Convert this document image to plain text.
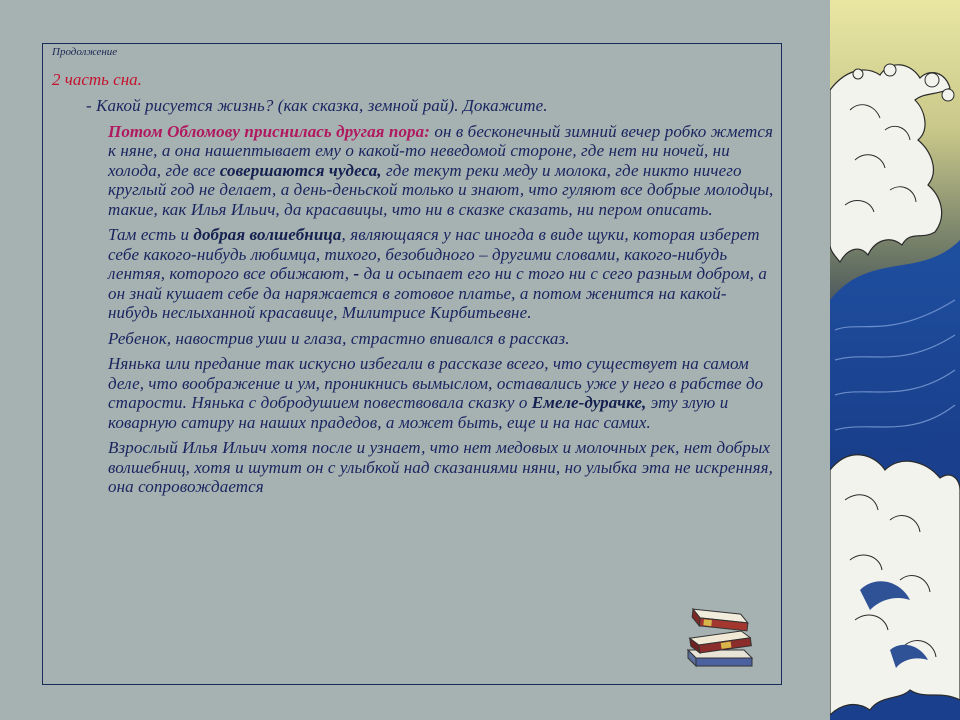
Продолжение
2 часть сна.
- Какой рисуется жизнь? (как сказка, земной рай). Докажите.

Потом Обломову приснилась другая пора: он в бесконечный зимний вечер робко жмется к няне, а она нашептывает ему о какой-то неведомой стороне, где нет ни ночей, ни холода, где все совершаются чудеса, где текут реки меду и молока, где никто ничего круглый год не делает, а день-деньской только и знают, что гуляют все добрые молодцы, такие, как Илья Ильич, да красавицы, что ни в сказке сказать, ни пером описать.

Там есть и добрая волшебница, являющаяся у нас иногда в виде щуки, которая изберет себе какого-нибудь любимца, тихого, безобидного – другими словами, какого-нибудь лентяя, которого все обижают, - да и осыпает его ни с того ни с сего разным добром, а он знай кушает себе да наряжается в готовое платье, а потом женится на какой-нибудь неслыханной красавице, Милитрисе Кирбитьевне.

Ребенок, навострив уши и глаза, страстно впивался в рассказ.

Нянька или предание так искусно избегали в рассказе всего, что существует на самом деле, что воображение и ум, проникнись вымыслом, оставались уже у него в рабстве до старости. Нянька с добродушием повествовала сказку о Емеле-дурачке, эту злую и коварную сатиру на наших прадедов, а может быть, еще и на нас самих.

Взрослый Илья Ильич хотя после и узнает, что нет медовых и молочных рек, нет добрых волшебниц, хотя и шутит он с улыбкой над сказаниями няни, но улыбка эта не искренняя, она сопровождается
